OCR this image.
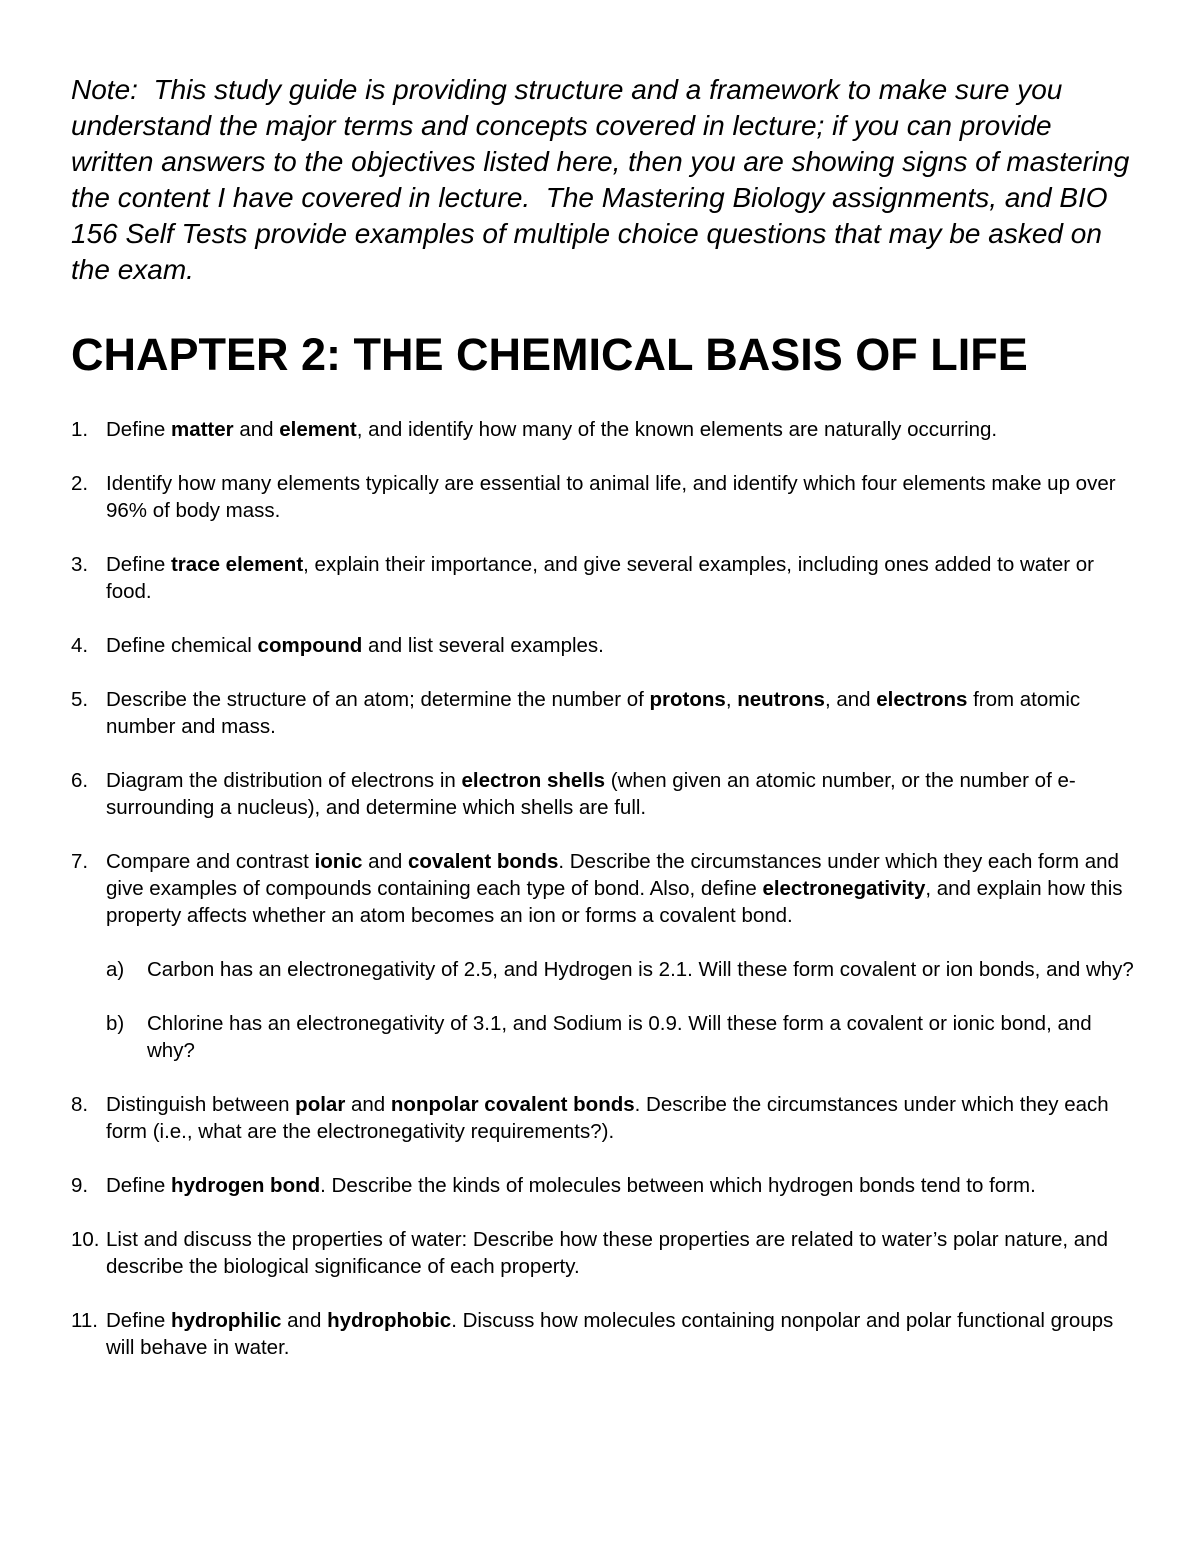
Note:  This study guide is providing structure and a framework to make sure you understand the major terms and concepts covered in lecture; if you can provide written answers to the objectives listed here, then you are showing signs of mastering the content I have covered in lecture.  The Mastering Biology assignments, and BIO 156 Self Tests provide examples of multiple choice questions that may be asked on the exam.

CHAPTER 2: THE CHEMICAL BASIS OF LIFE
1. Define matter and element, and identify how many of the known elements are naturally occurring.
2. Identify how many elements typically are essential to animal life, and identify which four elements make up over 96% of body mass.
3. Define trace element, explain their importance, and give several examples, including ones added to water or food.
4. Define chemical compound and list several examples.
5. Describe the structure of an atom; determine the number of protons, neutrons, and electrons from atomic number and mass.
6. Diagram the distribution of electrons in electron shells (when given an atomic number, or the number of e- surrounding a nucleus), and determine which shells are full.
7. Compare and contrast ionic and covalent bonds. Describe the circumstances under which they each form and give examples of compounds containing each type of bond. Also, define electronegativity, and explain how this property affects whether an atom becomes an ion or forms a covalent bond.
a) Carbon has an electronegativity of 2.5, and Hydrogen is 2.1. Will these form covalent or ion bonds, and why?
b) Chlorine has an electronegativity of 3.1, and Sodium is 0.9. Will these form a covalent or ionic bond, and why?
8. Distinguish between polar and nonpolar covalent bonds. Describe the circumstances under which they each form (i.e., what are the electronegativity requirements?).
9. Define hydrogen bond. Describe the kinds of molecules between which hydrogen bonds tend to form.
10. List and discuss the properties of water: Describe how these properties are related to water’s polar nature, and describe the biological significance of each property.
11. Define hydrophilic and hydrophobic. Discuss how molecules containing nonpolar and polar functional groups will behave in water.
